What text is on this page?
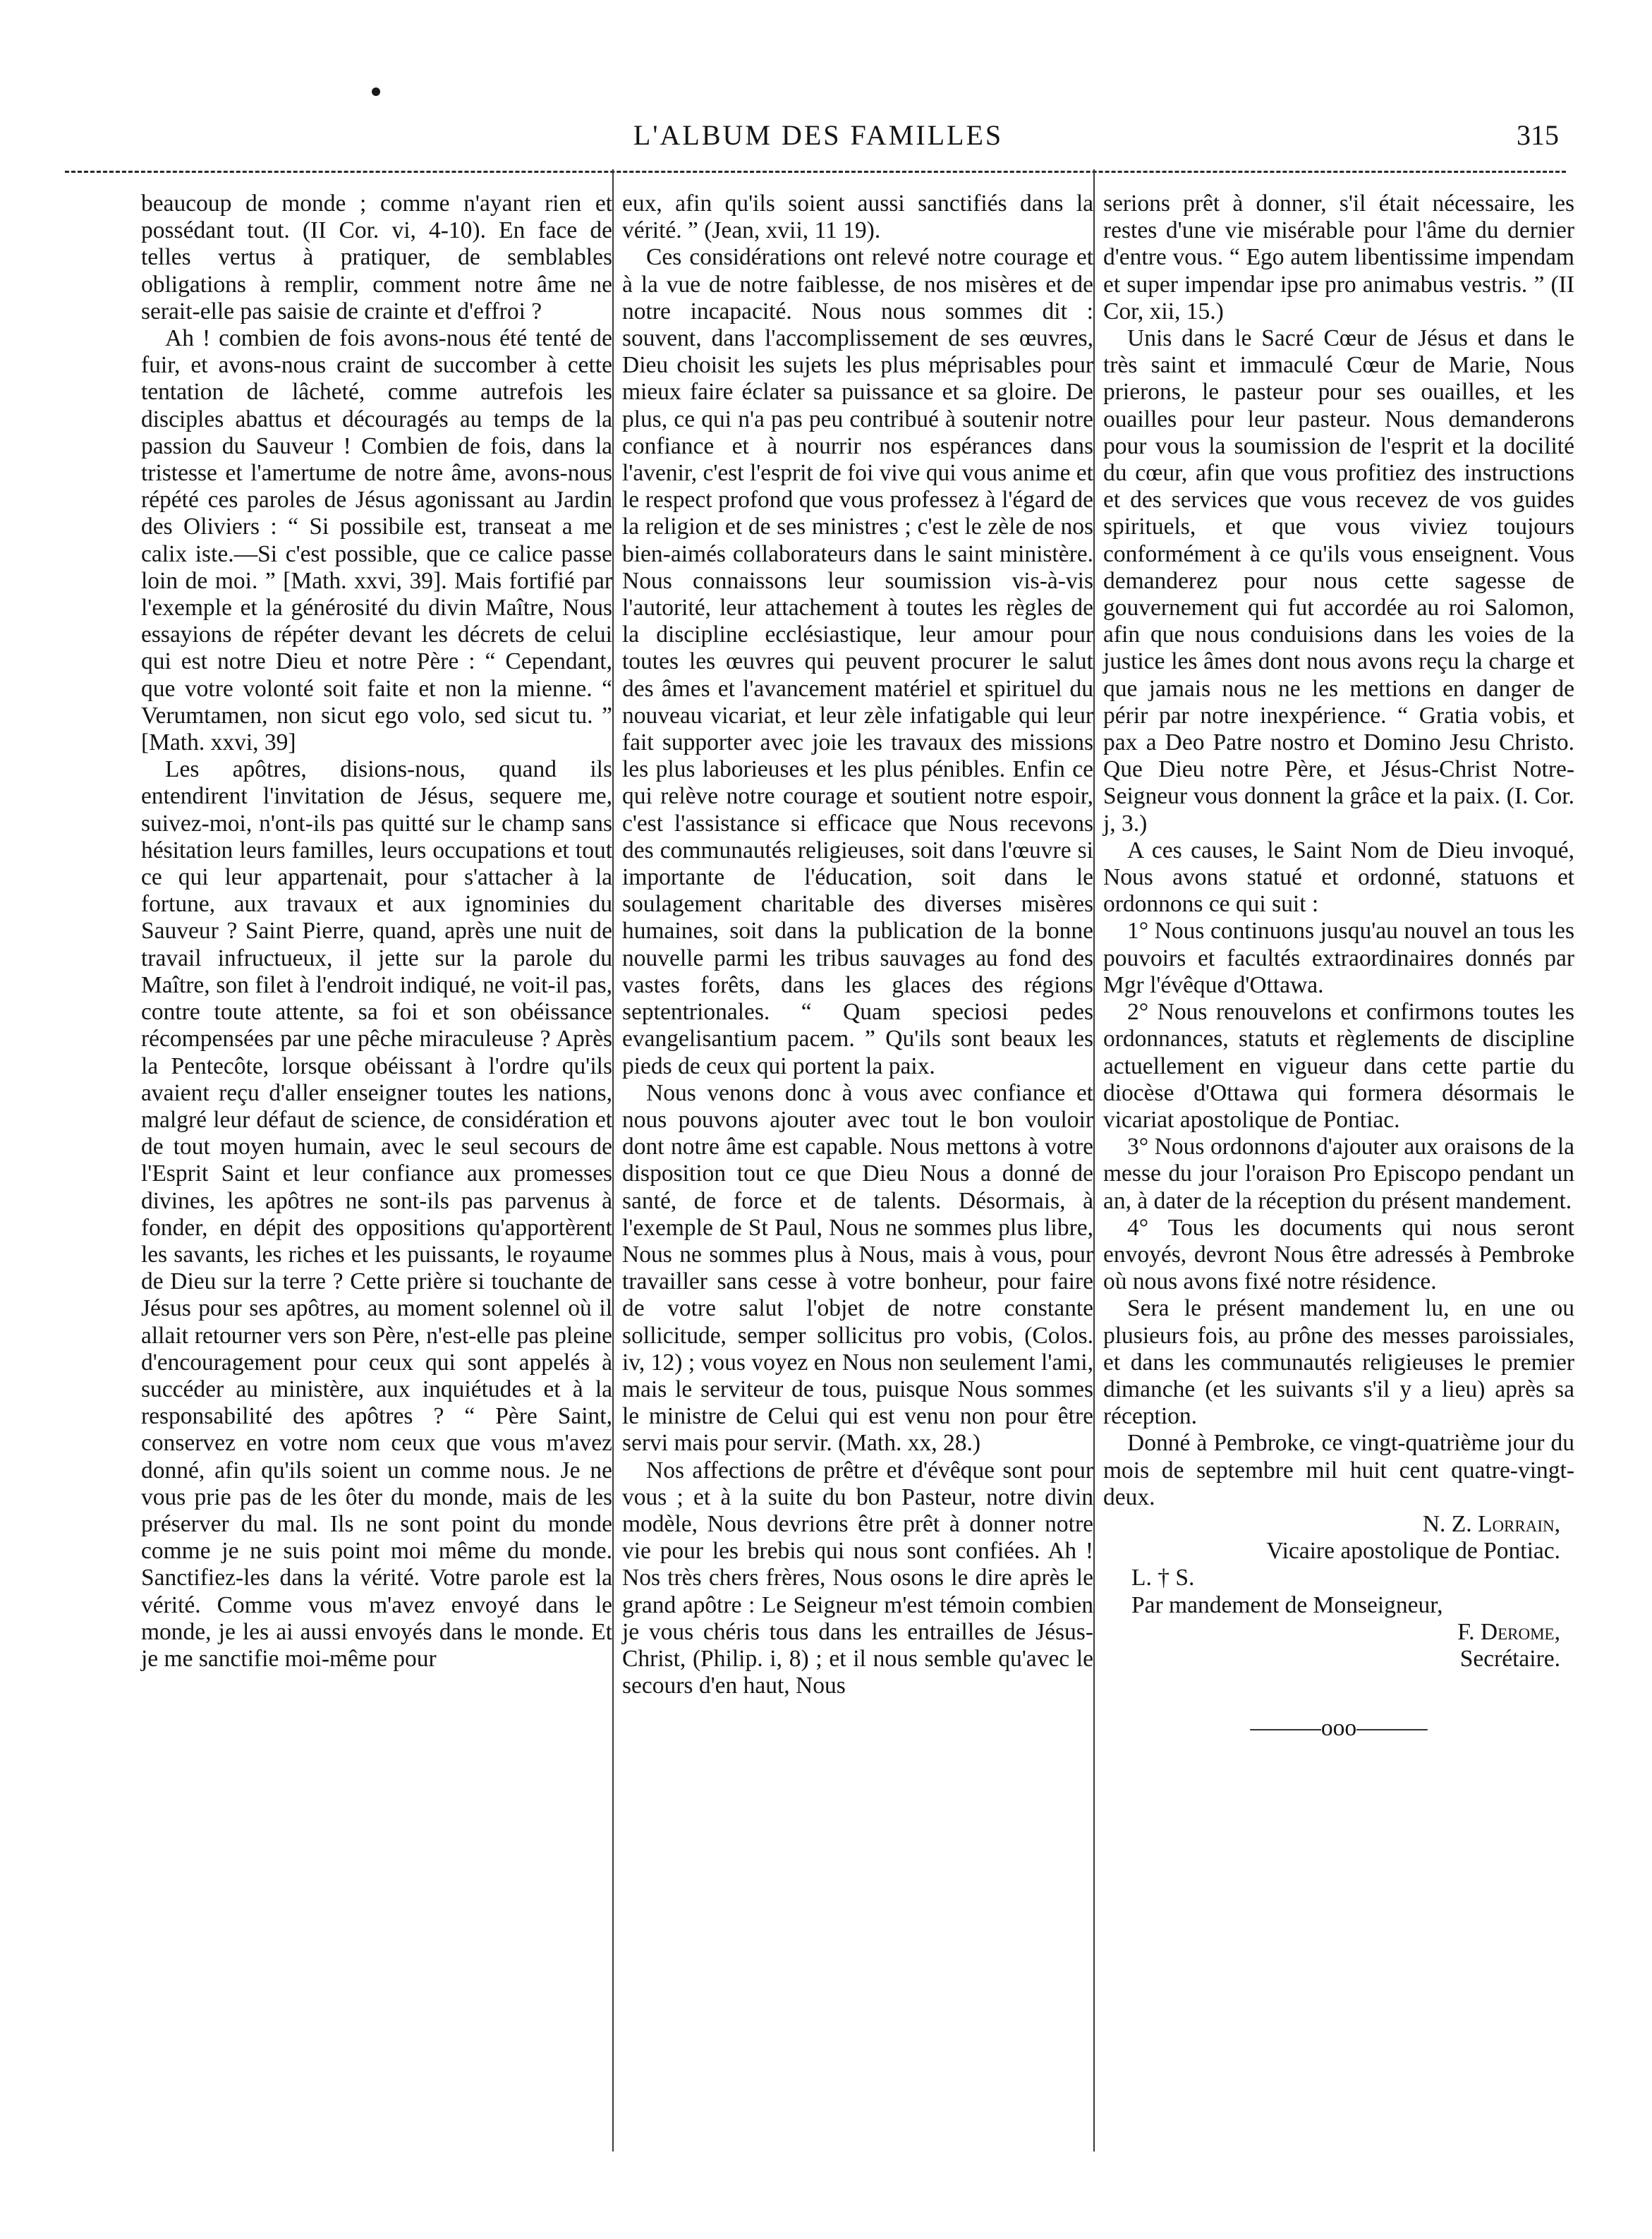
L'ALBUM DES FAMILLES	315

beaucoup de monde ; comme n'ayant rien et possédant tout. (II Cor. vi, 4-10). En face de telles vertus à pratiquer, de semblables obligations à remplir, comment notre âme ne serait-elle pas saisie de crainte et d'effroi ?

Ah ! combien de fois avons-nous été tenté de fuir, et avons-nous craint de succomber à cette tentation de lâcheté, comme autrefois les disciples abattus et découragés au temps de la passion du Sauveur ! Combien de fois, dans la tristesse et l'amertume de notre âme, avons-nous répété ces paroles de Jésus agonissant au Jardin des Oliviers : “ Si possibile est, transeat a me calix iste.—Si c'est possible, que ce calice passe loin de moi. ” [Math. xxvi, 39]. Mais fortifié par l'exemple et la générosité du divin Maître, Nous essayions de répéter devant les décrets de celui qui est notre Dieu et notre Père : “ Cependant, que votre volonté soit faite et non la mienne. “ Verumtamen, non sicut ego volo, sed sicut tu. ” [Math. xxvi, 39]

Les apôtres, disions-nous, quand ils entendirent l'invitation de Jésus, sequere me, suivez-moi, n'ont-ils pas quitté sur le champ sans hésitation leurs familles, leurs occupations et tout ce qui leur appartenait, pour s'attacher à la fortune, aux travaux et aux ignominies du Sauveur ? Saint Pierre, quand, après une nuit de travail infructueux, il jette sur la parole du Maître, son filet à l'endroit indiqué, ne voit-il pas, contre toute attente, sa foi et son obéissance récompensées par une pêche miraculeuse ? Après la Pentecôte, lorsque obéissant à l'ordre qu'ils avaient reçu d'aller enseigner toutes les nations, malgré leur défaut de science, de considération et de tout moyen humain, avec le seul secours de l'Esprit Saint et leur confiance aux promesses divines, les apôtres ne sont-ils pas parvenus à fonder, en dépit des oppositions qu'apportèrent les savants, les riches et les puissants, le royaume de Dieu sur la terre ? Cette prière si touchante de Jésus pour ses apôtres, au moment solennel où il allait retourner vers son Père, n'est-elle pas pleine d'encouragement pour ceux qui sont appelés à succéder au ministère, aux inquiétudes et à la responsabilité des apôtres ? “ Père Saint, conservez en votre nom ceux que vous m'avez donné, afin qu'ils soient un comme nous. Je ne vous prie pas de les ôter du monde, mais de les préserver du mal. Ils ne sont point du monde comme je ne suis point moi même du monde. Sanctifiez-les dans la vérité. Votre parole est la vérité. Comme vous m'avez envoyé dans le monde, je les ai aussi envoyés dans le monde. Et je me sanctifie moi-même pour

eux, afin qu'ils soient aussi sanctifiés dans la vérité. ” (Jean, xvii, 11 19).

Ces considérations ont relevé notre courage et à la vue de notre faiblesse, de nos misères et de notre incapacité. Nous nous sommes dit : souvent, dans l'accomplissement de ses œuvres, Dieu choisit les sujets les plus méprisables pour mieux faire éclater sa puissance et sa gloire. De plus, ce qui n'a pas peu contribué à soutenir notre confiance et à nourrir nos espérances dans l'avenir, c'est l'esprit de foi vive qui vous anime et le respect profond que vous professez à l'égard de la religion et de ses ministres ; c'est le zèle de nos bien-aimés collaborateurs dans le saint ministère. Nous connaissons leur soumission vis-à-vis l'autorité, leur attachement à toutes les règles de la discipline ecclésiastique, leur amour pour toutes les œuvres qui peuvent procurer le salut des âmes et l'avancement matériel et spirituel du nouveau vicariat, et leur zèle infatigable qui leur fait supporter avec joie les travaux des missions les plus laborieuses et les plus pénibles. Enfin ce qui relève notre courage et soutient notre espoir, c'est l'assistance si efficace que Nous recevons des communautés religieuses, soit dans l'œuvre si importante de l'éducation, soit dans le soulagement charitable des diverses misères humaines, soit dans la publication de la bonne nouvelle parmi les tribus sauvages au fond des vastes forêts, dans les glaces des régions septentrionales. “ Quam speciosi pedes evangelisantium pacem. ” Qu'ils sont beaux les pieds de ceux qui portent la paix.

Nous venons donc à vous avec confiance et nous pouvons ajouter avec tout le bon vouloir dont notre âme est capable. Nous mettons à votre disposition tout ce que Dieu Nous a donné de santé, de force et de talents. Désormais, à l'exemple de St Paul, Nous ne sommes plus libre, Nous ne sommes plus à Nous, mais à vous, pour travailler sans cesse à votre bonheur, pour faire de votre salut l'objet de notre constante sollicitude, semper sollicitus pro vobis, (Colos. iv, 12) ; vous voyez en Nous non seulement l'ami, mais le serviteur de tous, puisque Nous sommes le ministre de Celui qui est venu non pour être servi mais pour servir. (Math. xx, 28.)

Nos affections de prêtre et d'évêque sont pour vous ; et à la suite du bon Pasteur, notre divin modèle, Nous devrions être prêt à donner notre vie pour les brebis qui nous sont confiées. Ah ! Nos très chers frères, Nous osons le dire après le grand apôtre : Le Seigneur m'est témoin combien je vous chéris tous dans les entrailles de Jésus-Christ, (Philip. i, 8) ; et il nous semble qu'avec le secours d'en haut, Nous

serions prêt à donner, s'il était nécessaire, les restes d'une vie misérable pour l'âme du dernier d'entre vous. “ Ego autem libentissime impendam et super impendar ipse pro animabus vestris. ” (II Cor, xii, 15.)

Unis dans le Sacré Cœur de Jésus et dans le très saint et immaculé Cœur de Marie, Nous prierons, le pasteur pour ses ouailles, et les ouailles pour leur pasteur. Nous demanderons pour vous la soumission de l'esprit et la docilité du cœur, afin que vous profitiez des instructions et des services que vous recevez de vos guides spirituels, et que vous viviez toujours conformément à ce qu'ils vous enseignent. Vous demanderez pour nous cette sagesse de gouvernement qui fut accordée au roi Salomon, afin que nous conduisions dans les voies de la justice les âmes dont nous avons reçu la charge et que jamais nous ne les mettions en danger de périr par notre inexpérience. “ Gratia vobis, et pax a Deo Patre nostro et Domino Jesu Christo. Que Dieu notre Père, et Jésus-Christ Notre-Seigneur vous donnent la grâce et la paix. (I. Cor. j, 3.)

A ces causes, le Saint Nom de Dieu invoqué, Nous avons statué et ordonné, statuons et ordonnons ce qui suit :

1° Nous continuons jusqu'au nouvel an tous les pouvoirs et facultés extraordinaires donnés par Mgr l'évêque d'Ottawa.

2° Nous renouvelons et confirmons toutes les ordonnances, statuts et règlements de discipline actuellement en vigueur dans cette partie du diocèse d'Ottawa qui formera désormais le vicariat apostolique de Pontiac.

3° Nous ordonnons d'ajouter aux oraisons de la messe du jour l'oraison Pro Episcopo pendant un an, à dater de la réception du présent mandement.

4° Tous les documents qui nous seront envoyés, devront Nous être adressés à Pembroke où nous avons fixé notre résidence.

Sera le présent mandement lu, en une ou plusieurs fois, au prône des messes paroissiales, et dans les communautés religieuses le premier dimanche (et les suivants s'il y a lieu) après sa réception.

Donné à Pembroke, ce vingt-quatrième jour du mois de septembre mil huit cent quatre-vingt-deux.

N. Z. Lorrain,

Vicaire apostolique de Pontiac.

L. † S.

Par mandement de Monseigneur,

F. Derome,

Secrétaire.

———ooo———
